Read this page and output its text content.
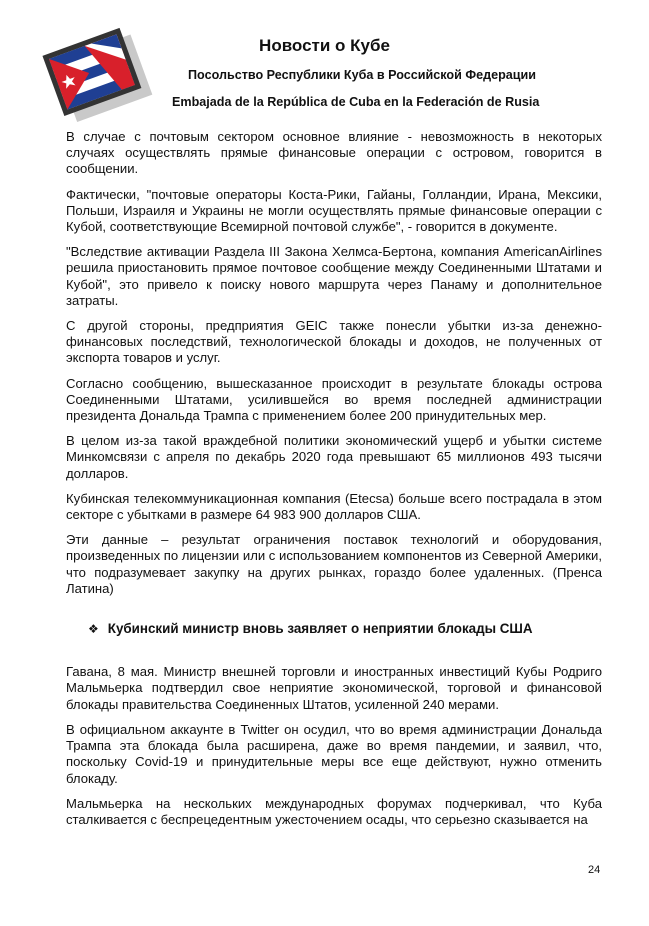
Новости о Кубе
Посольство Республики Куба в Российской Федерации
Embajada de la República de Cuba en la Federación de Rusia

В случае с почтовым сектором основное влияние - невозможность в некоторых случаях осуществлять прямые финансовые операции с островом, говорится в сообщении.

Фактически, "почтовые операторы Коста-Рики, Гайаны, Голландии, Ирана, Мексики, Польши, Израиля и Украины не могли осуществлять прямые финансовые операции с Кубой, соответствующие Всемирной почтовой службе", - говорится в документе.

"Вследствие активации Раздела III Закона Хелмса-Бертона, компания AmericanAirlines решила приостановить прямое почтовое сообщение между Соединенными Штатами и Кубой", это привело к поиску нового маршрута через Панаму и дополнительное затраты.

С другой стороны, предприятия GEIC также понесли убытки из-за денежно-финансовых последствий, технологической блокады и доходов, не полученных от экспорта товаров и услуг.

Согласно сообщению, вышесказанное происходит в результате блокады острова Соединенными Штатами, усилившейся во время последней администрации президента Дональда Трампа с применением более 200 принудительных мер.

В целом из-за такой враждебной политики экономический ущерб и убытки системе Минкомсвязи с апреля по декабрь 2020 года превышают 65 миллионов 493 тысячи долларов.

Кубинская телекоммуникационная компания (Etecsa) больше всего пострадала в этом секторе с убытками в размере 64 983 900 долларов США.

Эти данные – результат ограничения поставок технологий и оборудования, произведенных по лицензии или с использованием компонентов из Северной Америки, что подразумевает закупку на других рынках, гораздо более удаленных. (Пренса Латина)

❖ Кубинский министр вновь заявляет о неприятии блокады США

Гавана, 8 мая. Министр внешней торговли и иностранных инвестиций Кубы Родриго Мальмьерка подтвердил свое неприятие экономической, торговой и финансовой блокады правительства Соединенных Штатов, усиленной 240 мерами.

В официальном аккаунте в Twitter он осудил, что во время администрации Дональда Трампа эта блокада была расширена, даже во время пандемии, и заявил, что, поскольку Covid-19 и принудительные меры все еще действуют, нужно отменить блокаду.

Мальмьерка на нескольких международных форумах подчеркивал, что Куба сталкивается с беспрецедентным ужесточением осады, что серьезно сказывается на

24
